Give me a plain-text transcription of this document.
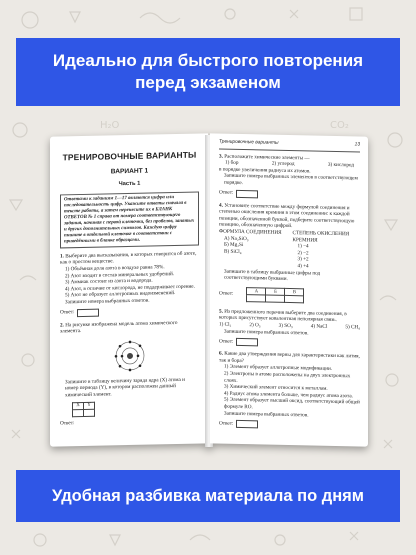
H₂O	CO₂
Идеально для быстрого повторения
перед экзаменом
ТРЕНИРОВОЧНЫЕ ВАРИАНТЫ
ВАРИАНТ 1
Часть 1
Ответами к заданиям 1—17 являются цифра или последовательность цифр. Укажите ответы сначала в тексте работы, а затем перенесите их в БЛАНК ОТВЕТОВ № 1 справа от номера соответствующего задания, начиная с первой клеточки, без пробелов, запятых и других дополнительных символов. Каждую цифру пишите в отдельной клеточке в соответствии с приведёнными в бланке образцами.

1. Выберите два высказывания, в которых говорится об азоте, как о простом веществе.

1) Объёмная доля азота в воздухе равна 78%.

2) Азот входит в состав минеральных удобрений.

3) Аммиак состоит из азота и водорода.

4) Азот, в отличие от кислорода, не поддерживает горение.

5) Азот не образует аллотропных видоизменений.

Запишите номера выбранных ответов.

Ответ:

2. На рисунке изображена модель атома химического элемента.

Запишите в таблицу величину заряда ядра (X) атома и номер периода (Y), в котором расположен данный химический элемент.

X	Y

Ответ:
Тренировочные варианты	13

3. Расположите химические элементы —

1) бор	2) углерод	3) кислород

в порядке увеличения радиуса их атомов.

Запишите номера выбранных элементов в соответствующем порядке.

Ответ:

4. Установите соответствие между формулой соединения и степенью окисления кремния в этом соединении: к каждой позиции, обозначенной буквой, подберите соответствующую позицию, обозначенную цифрой.

ФОРМУЛА СОЕДИНЕНИЯ
А) Na₂SiO₃
Б) Mg₂Si
В) SiCl₄
СТЕПЕНЬ ОКИСЛЕНИЯ КРЕМНИЯ
1) −4
2) −2
3) +2
4) +4

Запишите в таблицу выбранные цифры под соответствующими буквами.

Ответ:	А	Б	В

5. Из предложенного перечня выберите два соединения, в которых присутствует ковалентная неполярная связь.

1) Cl₂	2) O₃	3) SO₃	4) NaCl	5) CH₄

Запишите номера выбранных ответов.

Ответ:

6. Какие два утверждения верны для характеристики как лития, так и бора?

1) Элемент образует аллотропные модификации.

2) Электроны в атоме расположены на двух электронных слоях.

3) Химический элемент относится к металлам.

4) Радиус атома элемента больше, чем радиус атома азота.

5) Элемент образует высший оксид, соответствующий общей формуле RO.

Запишите номера выбранных ответов.

Ответ:
Удобная разбивка материала по дням
